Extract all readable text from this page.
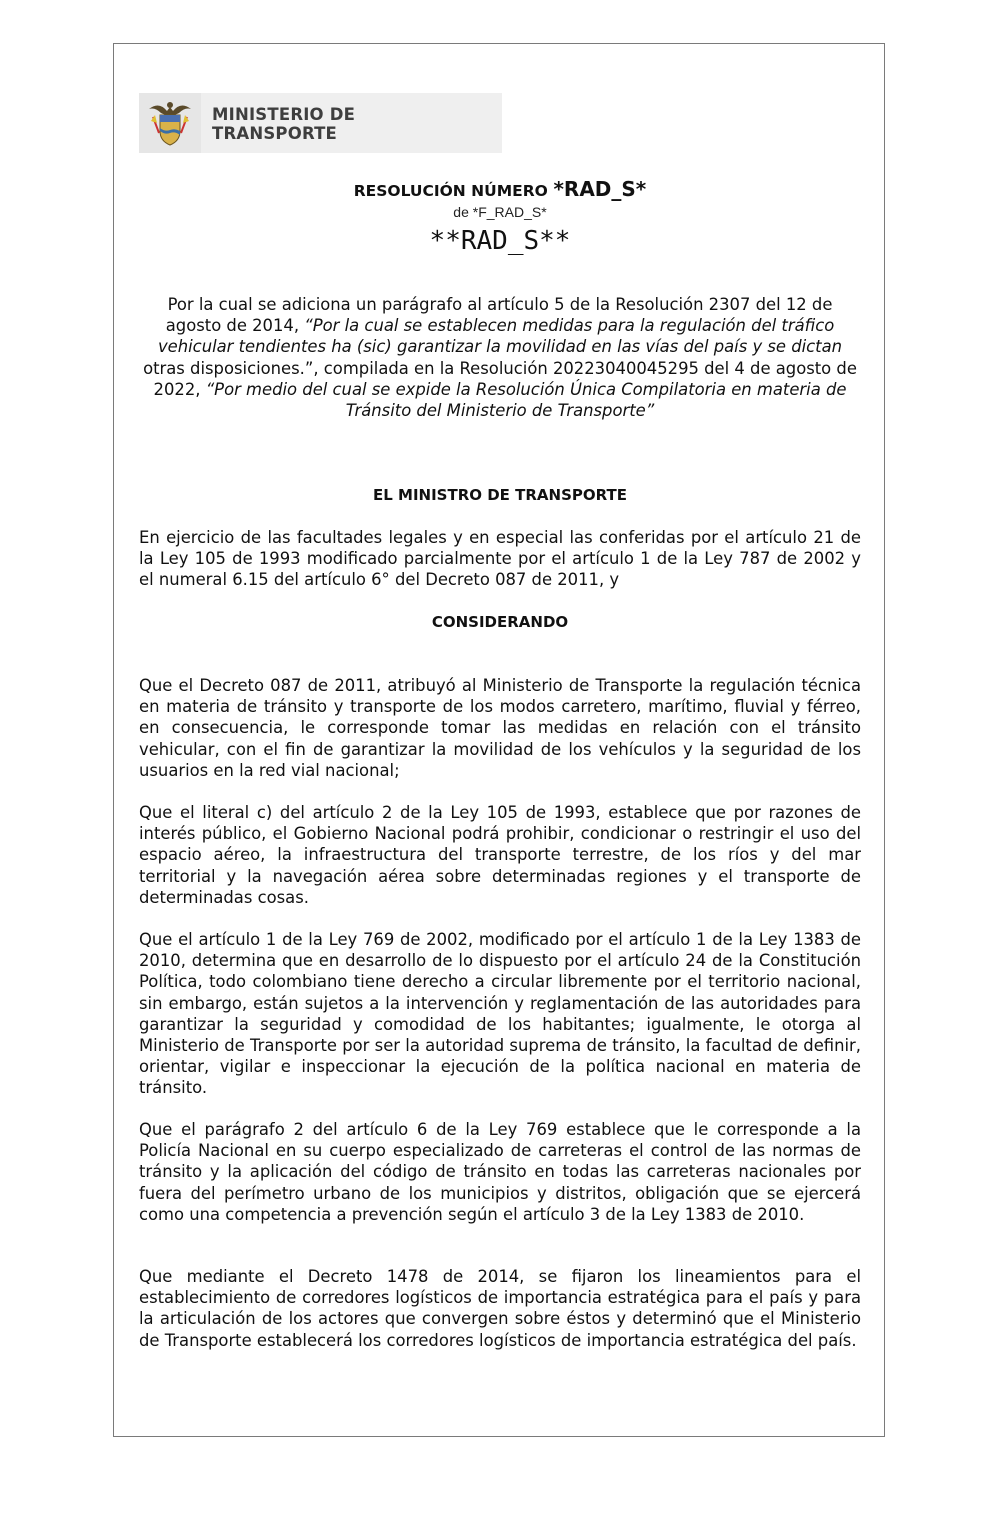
MINISTERIO DE
TRANSPORTE
RESOLUCIÓN NÚMERO *RAD_S*
de *F_RAD_S*
**RAD_S**
Por la cual se adiciona un parágrafo al artículo 5 de la Resolución 2307 del 12 de agosto de 2014, “Por la cual se establecen medidas para la regulación del tráfico vehicular tendientes ha (sic) garantizar la movilidad en las vías del país y se dictan otras disposiciones.”, compilada en la Resolución 20223040045295 del 4 de agosto de 2022, “Por medio del cual se expide la Resolución Única Compilatoria en materia de Tránsito del Ministerio de Transporte”
EL MINISTRO DE TRANSPORTE
En ejercicio de las facultades legales y en especial las conferidas por el artículo 21 de la Ley 105 de 1993 modificado parcialmente por el artículo 1 de la Ley 787 de 2002 y el numeral 6.15 del artículo 6° del Decreto 087 de 2011, y
CONSIDERANDO
Que el Decreto 087 de 2011, atribuyó al Ministerio de Transporte la regulación técnica en materia de tránsito y transporte de los modos carretero, marítimo, fluvial y férreo, en consecuencia, le corresponde tomar las medidas en relación con el tránsito vehicular, con el fin de garantizar la movilidad de los vehículos y la seguridad de los usuarios en la red vial nacional;
Que el literal c) del artículo 2 de la Ley 105 de 1993, establece que por razones de interés público, el Gobierno Nacional podrá prohibir, condicionar o restringir el uso del espacio aéreo, la infraestructura del transporte terrestre, de los ríos y del mar territorial y la navegación aérea sobre determinadas regiones y el transporte de determinadas cosas.
Que el artículo 1 de la Ley 769 de 2002, modificado por el artículo 1 de la Ley 1383 de 2010, determina que en desarrollo de lo dispuesto por el artículo 24 de la Constitución Política, todo colombiano tiene derecho a circular libremente por el territorio nacional, sin embargo, están sujetos a la intervención y reglamentación de las autoridades para garantizar la seguridad y comodidad de los habitantes; igualmente, le otorga al Ministerio de Transporte por ser la autoridad suprema de tránsito, la facultad de definir, orientar, vigilar e inspeccionar la ejecución de la política nacional en materia de tránsito.
Que el parágrafo 2 del artículo 6 de la Ley 769 establece que le corresponde a la Policía Nacional en su cuerpo especializado de carreteras el control de las normas de tránsito y la aplicación del código de tránsito en todas las carreteras nacionales por fuera del perímetro urbano de los municipios y distritos, obligación que se ejercerá como una competencia a prevención según el artículo 3 de la Ley 1383 de 2010.
Que mediante el Decreto 1478 de 2014, se fijaron los lineamientos para el establecimiento de corredores logísticos de importancia estratégica para el país y para la articulación de los actores que convergen sobre éstos y determinó que el Ministerio de Transporte establecerá los corredores logísticos de importancia estratégica del país.
